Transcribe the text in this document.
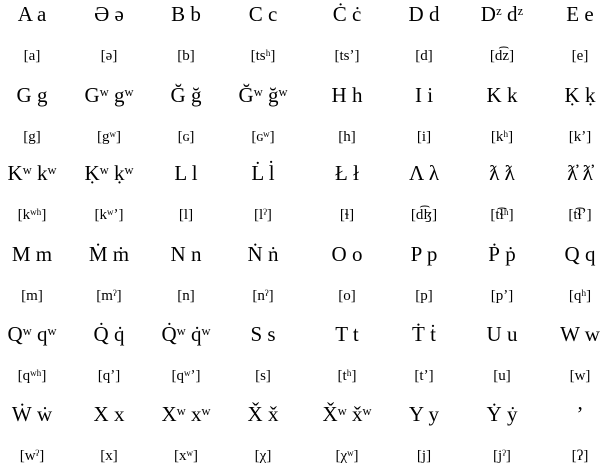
A a	Ə ə	B b	C c	Ċ ċ	D d	Dᶻ dᶻ	E e
[a]	[ə]	[b]	[tsʰ]	[tsʼ]	[d]	[d͡z]	[e]
G g	Gʷ gʷ	Ğ ğ	Ğʷ ğʷ	H h	I i	K k	Ḳ ḳ
[g]	[gʷ]	[ɢ]	[ɢʷ]	[h]	[i]	[kʰ]	[kʼ]
Kʷ kʷ	Ḳʷ ḳʷ	L l	L̇ l̇	Ł ł	Λ λ	ƛ ƛ	ƛ̓ ƛ̓
[kʷʰ]	[kʷʼ]	[l]	[lˀ]	[ɬ]	[d͡ɮ]	[t͡ɬʰ]	[t͡ɬʼ]
M m	Ṁ ṁ	N n	Ṅ ṅ	O o	P p	Ṗ ṗ	Q q
[m]	[mˀ]	[n]	[nˀ]	[o]	[p]	[pʼ]	[qʰ]
Qʷ qʷ	Q̇ q̇	Q̇ʷ q̇ʷ	S s	T t	Ṫ ṫ	U u	W w
[qʷʰ]	[qʼ]	[qʷʼ]	[s]	[tʰ]	[tʼ]	[u]	[w]
Ẇ ẇ	X x	Xʷ xʷ	X̌ x̌	X̌ʷ x̌ʷ	Y y	Ẏ ẏ	ʼ
[wˀ]	[x]	[xʷ]	[χ]	[χʷ]	[j]	[jˀ]	[ʔ]
